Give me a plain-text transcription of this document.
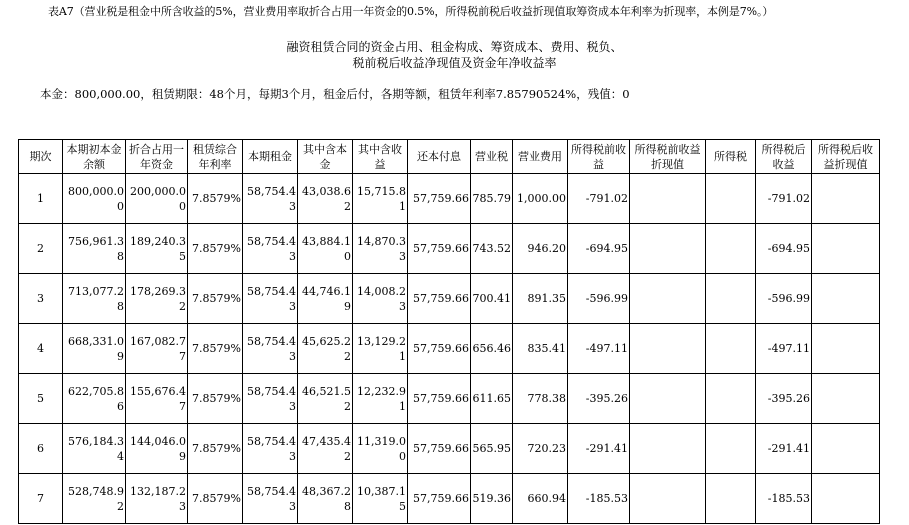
表A7（营业税是租金中所含收益的5%，营业费用率取折合占用一年资金的0.5%，所得税前税后收益折现值取筹资成本年利率为折现率，本例是7%。）
融资租赁合同的资金占用、租金构成、筹资成本、费用、税负、
税前税后收益净现值及资金年净收益率
本金：800,000.00，租赁期限：48个月，每期3个月，租金后付，各期等额，租赁年利率7.85790524%，残值：0
期次	本期初本金余额	折合占用一年资金	租赁综合年利率	本期租金	其中含本金	其中含收益	还本付息	营业税	营业费用	所得税前收益	所得税前收益折现值	所得税	所得税后收益	所得税后收益折现值
1	800,000.00	200,000.00	7.8579%	58,754.43	43,038.62	15,715.81	57,759.66	785.79	1,000.00	-791.02			-791.02	
2	756,961.38	189,240.35	7.8579%	58,754.43	43,884.10	14,870.33	57,759.66	743.52	946.20	-694.95			-694.95	
3	713,077.28	178,269.32	7.8579%	58,754.43	44,746.19	14,008.23	57,759.66	700.41	891.35	-596.99			-596.99	
4	668,331.09	167,082.77	7.8579%	58,754.43	45,625.22	13,129.21	57,759.66	656.46	835.41	-497.11			-497.11	
5	622,705.86	155,676.47	7.8579%	58,754.43	46,521.52	12,232.91	57,759.66	611.65	778.38	-395.26			-395.26	
6	576,184.34	144,046.09	7.8579%	58,754.43	47,435.42	11,319.00	57,759.66	565.95	720.23	-291.41			-291.41	
7	528,748.92	132,187.23	7.8579%	58,754.43	48,367.28	10,387.15	57,759.66	519.36	660.94	-185.53			-185.53	
